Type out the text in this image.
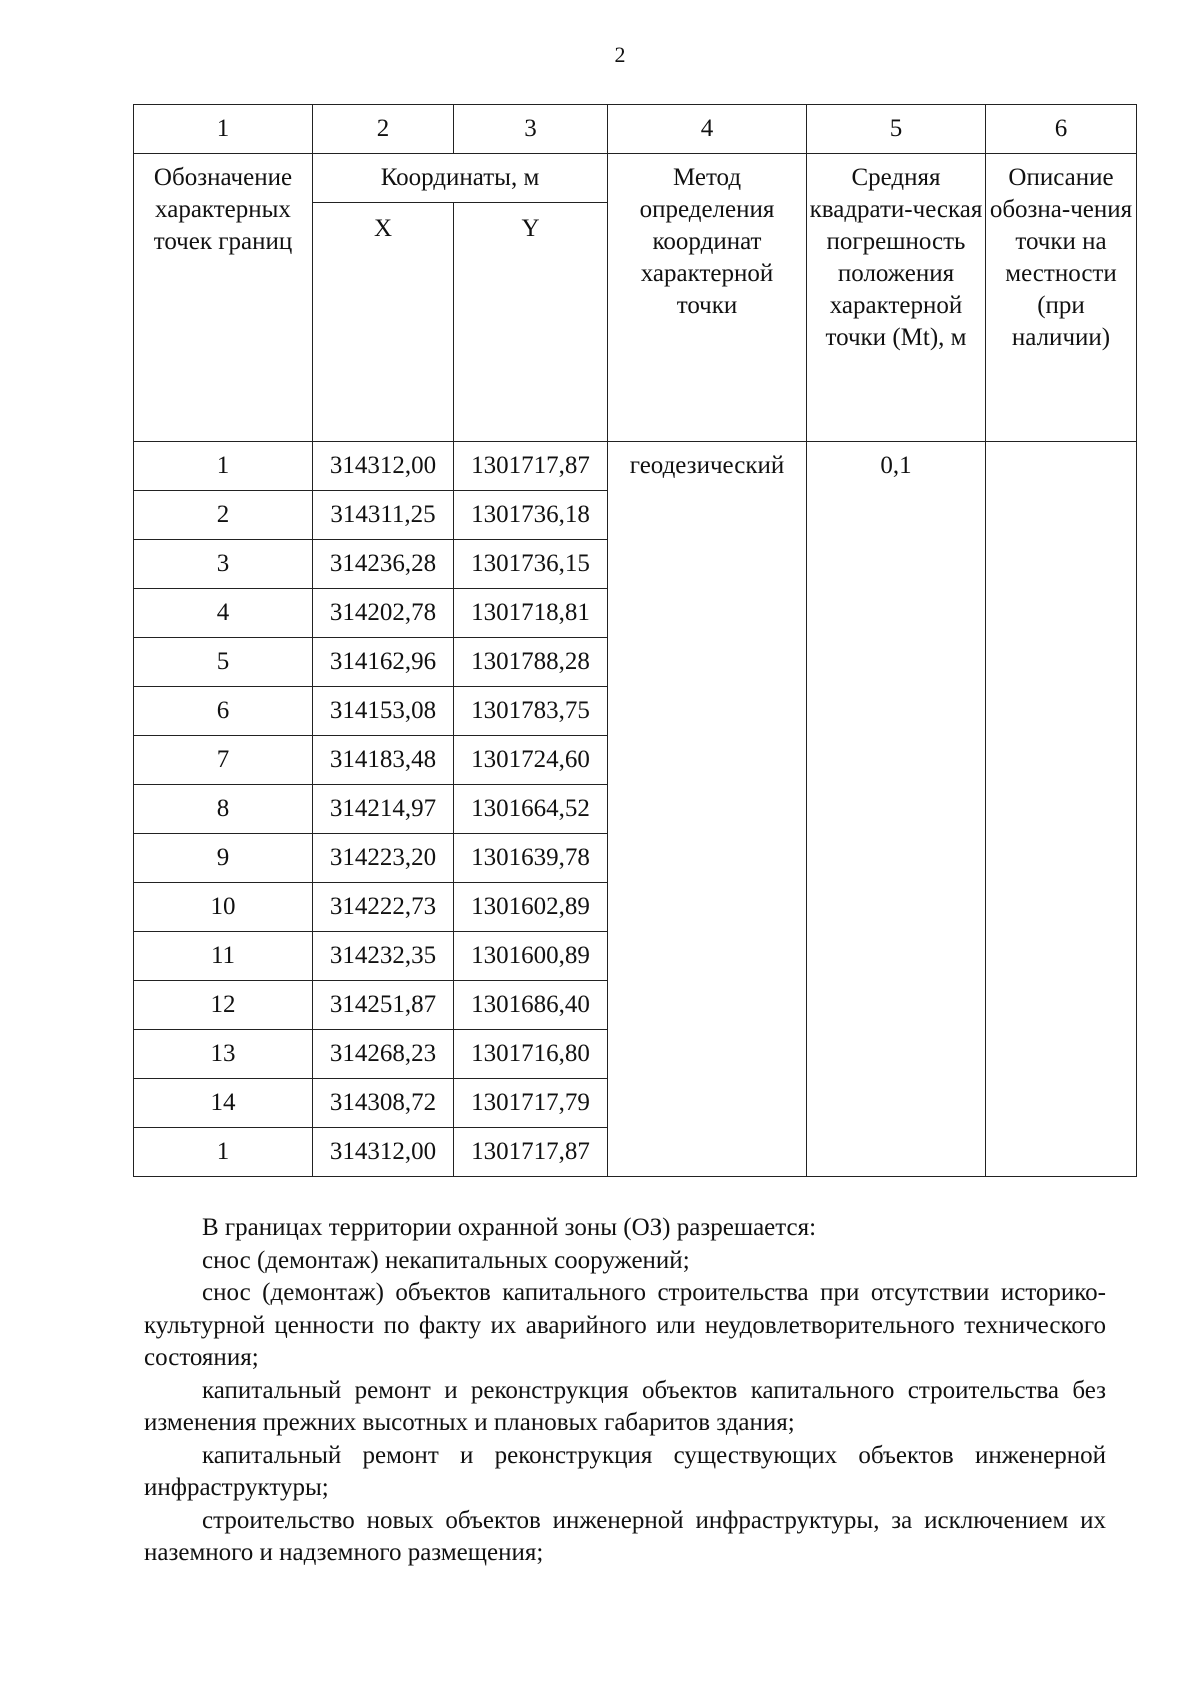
2
1	2	3	4	5	6
Обозначение характерных точек границ	Координаты, м		Метод определения координат характерной точки	Средняя квадрати-ческая погрешность положения характерной точки (Mt), м	Описание обозна-чения точки на местности (при наличии)
	X	Y			
1	314312,00	1301717,87	геодезический	0,1	
2	314311,25	1301736,18			
3	314236,28	1301736,15			
4	314202,78	1301718,81			
5	314162,96	1301788,28			
6	314153,08	1301783,75			
7	314183,48	1301724,60			
8	314214,97	1301664,52			
9	314223,20	1301639,78			
10	314222,73	1301602,89			
11	314232,35	1301600,89			
12	314251,87	1301686,40			
13	314268,23	1301716,80			
14	314308,72	1301717,79			
1	314312,00	1301717,87			

В границах территории охранной зоны (ОЗ) разрешается:

снос (демонтаж) некапитальных сооружений;

снос (демонтаж) объектов капитального строительства при отсутствии историко-культурной ценности по факту их аварийного или неудовлетворительного технического состояния;

капитальный ремонт и реконструкция объектов капитального строительства без изменения прежних высотных и плановых габаритов здания;

капитальный ремонт и реконструкция существующих объектов инженерной инфраструктуры;

строительство новых объектов инженерной инфраструктуры, за исключением их наземного и надземного размещения;
